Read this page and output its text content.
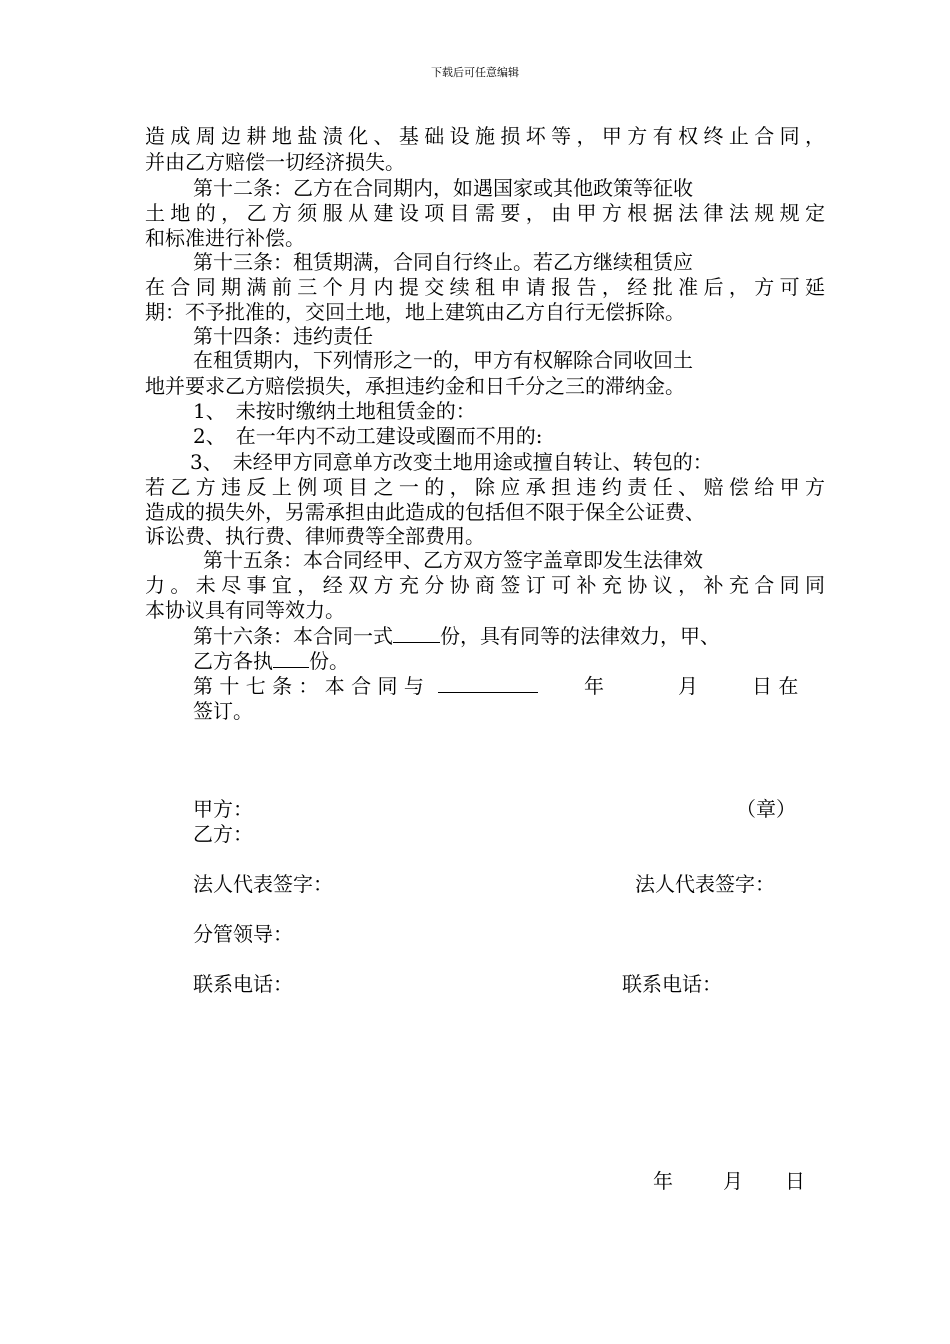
下载后可任意编辑
造成周边耕地盐渍化、基础设施损坏等，甲方有权终止合同，
并由乙方赔偿一切经济损失。
第十二条：乙方在合同期内，如遇国家或其他政策等征收
土地的，乙方须服从建设项目需要，由甲方根据法律法规规定
和标准进行补偿。
第十三条：租赁期满，合同自行终止。若乙方继续租赁应
在合同期满前三个月内提交续租申请报告，经批准后，方可延
期：不予批准的，交回土地，地上建筑由乙方自行无偿拆除。
第十四条：违约责任
在租赁期内，下列情形之一的，甲方有权解除合同收回土
地并要求乙方赔偿损失，承担违约金和日千分之三的滞纳金。
1、　未按时缴纳土地租赁金的：
2、　在一年内不动工建设或圈而不用的:
3、　未经甲方同意单方改变土地用途或擅自转让、转包的：
若乙方违反上例项目之一的，除应承担违约责任、赔偿给甲方
造成的损失外，另需承担由此造成的包括但不限于保全公证费、
诉讼费、执行费、律师费等全部费用。
第十五条：本合同经甲、乙方双方签字盖章即发生法律效
力。未尽事宜，经双方充分协商签订可补充协议，补充合同同
本协议具有同等效力。
第十六条：本合同一式 份，具有同等的法律效力，甲、
乙方各执 份。
第 十 七 条 ： 本 合 同 与	年	月	日 在
签订。
甲方：	（章）
乙方：
法人代表签字：	法人代表签字：
分管领导：
联系电话：	联系电话：
年	月 日
